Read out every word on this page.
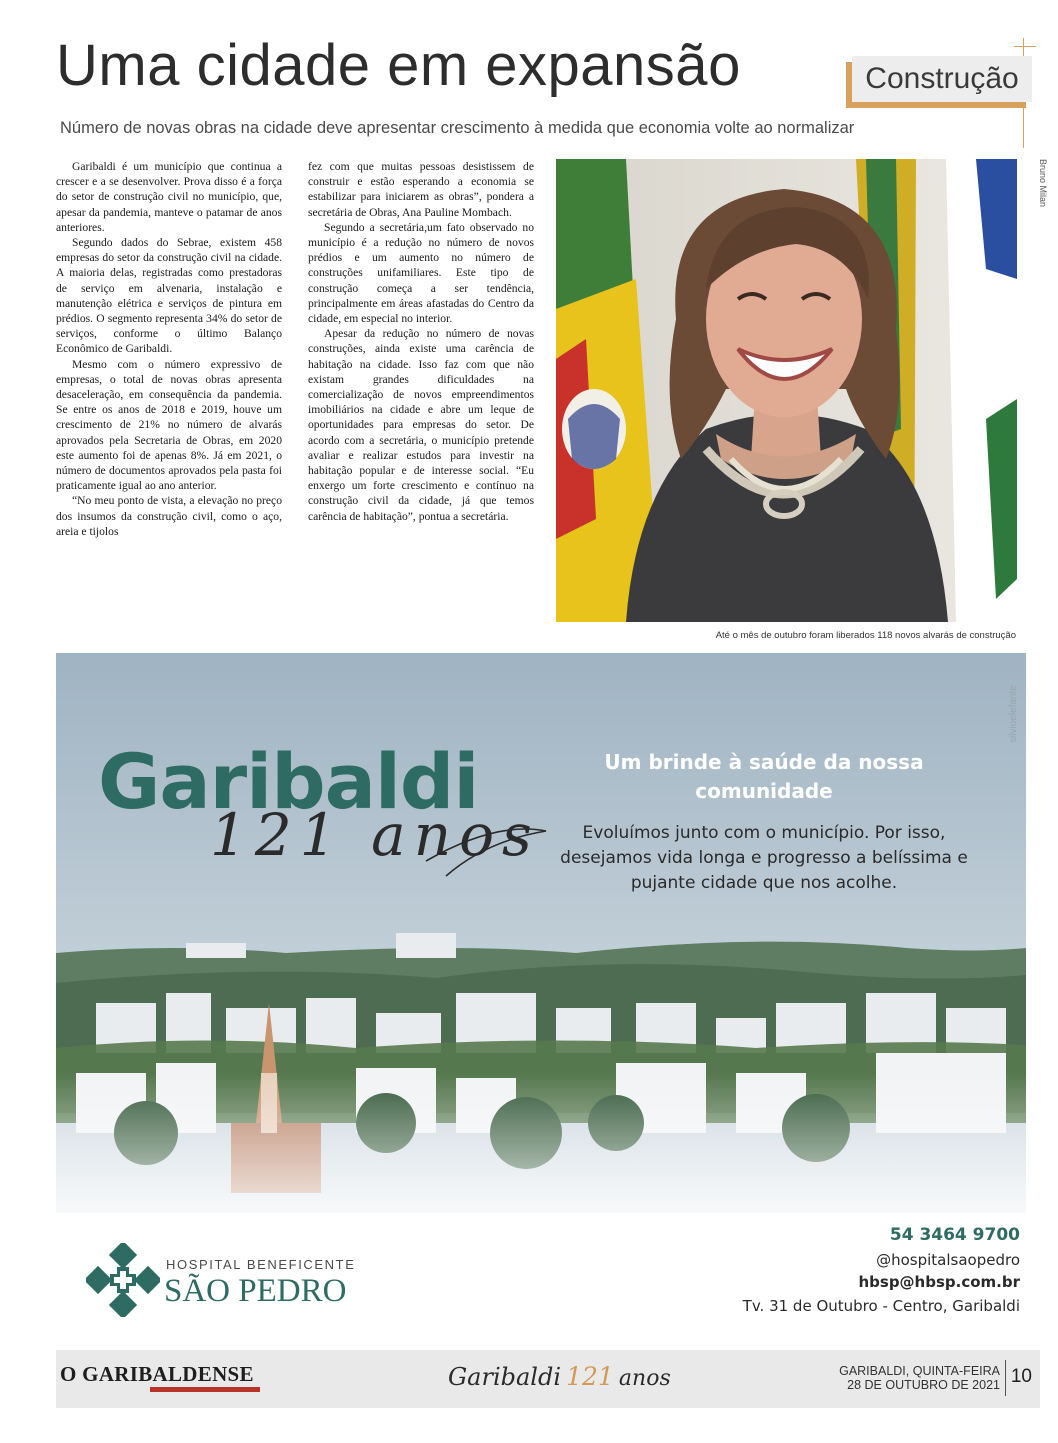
Uma cidade em expansão	Construção
Número de novas obras na cidade deve apresentar crescimento à medida que economia volte ao normalizar

Garibaldi é um município que continua a crescer e a se desenvolver. Prova disso é a força do setor de construção civil no município, que, apesar da pandemia, manteve o patamar de anos anteriores.

Segundo dados do Sebrae, existem 458 empresas do setor da construção civil na cidade. A maioria delas, registradas como prestadoras de serviço em alvenaria, instalação e manutenção elétrica e serviços de pintura em prédios. O segmento representa 34% do setor de serviços, conforme o último Balanço Econômico de Garibaldi.

Mesmo com o número expressivo de empresas, o total de novas obras apresenta desaceleração, em consequência da pandemia. Se entre os anos de 2018 e 2019, houve um crescimento de 21% no número de alvarás aprovados pela Secretaria de Obras, em 2020 este aumento foi de apenas 8%. Já em 2021, o número de documentos aprovados pela pasta foi praticamente igual ao ano anterior.

“No meu ponto de vista, a elevação no preço dos insumos da construção civil, como o aço, areia e tijolos

fez com que muitas pessoas desistissem de construir e estão esperando a economia se estabilizar para iniciarem as obras”, pondera a secretária de Obras, Ana Pauline Mombach.

Segundo a secretária,um fato observado no município é a redução no número de novos prédios e um aumento no número de construções unifamiliares. Este tipo de construção começa a ser tendência, principalmente em áreas afastadas do Centro da cidade, em especial no interior.

Apesar da redução no número de novas construções, ainda existe uma carência de habitação na cidade. Isso faz com que não existam grandes dificuldades na comercialização de novos empreendimentos imobiliários na cidade e abre um leque de oportunidades para empresas do setor. De acordo com a secretária, o município pretende avaliar e realizar estudos para investir na habitação popular e de interesse social. “Eu enxergo um forte crescimento e contínuo na construção civil da cidade, já que temos carência de habitação”, pontua a secretária.

Bruno Milan
Até o mês de outubro foram liberados 118 novos alvarás de construção
silvioelefante
Garibaldi
121 anos
Um brinde à saúde da nossa comunidade
Evoluímos junto com o município. Por isso, desejamos vida longa e progresso a belíssima e pujante cidade que nos acolhe.
HOSPITAL BENEFICENTE
SÃO PEDRO
54 3464 9700
@hospitalsaopedro
hbsp@hbsp.com.br
Tv. 31 de Outubro - Centro, Garibaldi
O GARIBALDENSE	Garibaldi 121 anos	GARIBALDI, QUINTA-FEIRA
28 DE OUTUBRO DE 2021 10
